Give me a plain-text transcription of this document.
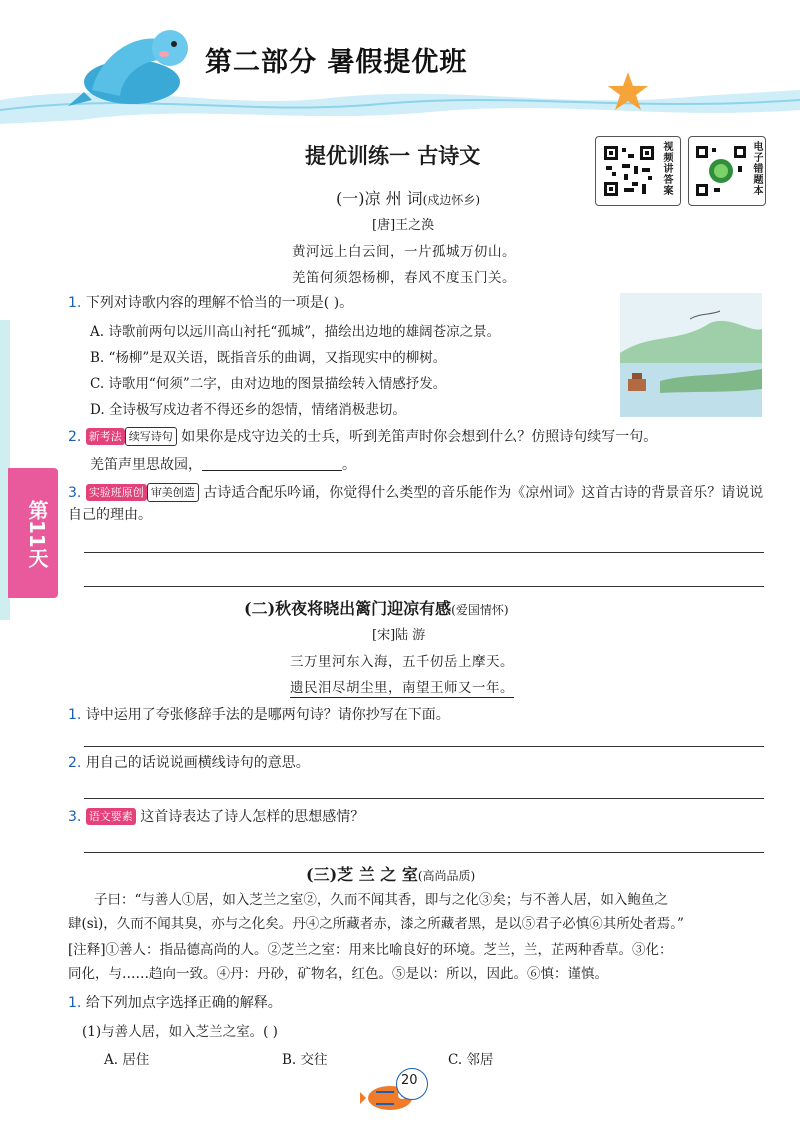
第二部分 暑假提优班
提优训练一 古诗文	视频讲答案	电子错题本
第11天
(一)凉 州 词(戍边怀乡)
[唐]王之涣
黄河远上白云间，一片孤城万仞山。
羌笛何须怨杨柳，春风不度玉门关。
1. 下列对诗歌内容的理解不恰当的一项是( )。
A. 诗歌前两句以远川高山衬托“孤城”，描绘出边地的雄阔苍凉之景。
B. “杨柳”是双关语，既指音乐的曲调，又指现实中的柳树。
C. 诗歌用“何须”二字，由对边地的图景描绘转入情感抒发。
D. 全诗极写戍边者不得还乡的怨情，情绪消极悲切。
2. 新考法 续写诗句 如果你是戍守边关的士兵，听到羌笛声时你会想到什么？仿照诗句续写一句。
羌笛声里思故园，	。
3. 实验班原创 审美创造 古诗适合配乐吟诵，你觉得什么类型的音乐能作为《凉州词》这首古诗的背景音乐？请说说自己的理由。
(二)秋夜将晓出篱门迎凉有感(爱国情怀)
[宋]陆 游
三万里河东入海，五千仞岳上摩天。
遗民泪尽胡尘里，南望王师又一年。
1. 诗中运用了夸张修辞手法的是哪两句诗？请你抄写在下面。
2. 用自己的话说说画横线诗句的意思。
3. 语文要素 这首诗表达了诗人怎样的思想感情？
(三)芝 兰 之 室(高尚品质)
子曰：“与善人①居，如入芝兰之室②，久而不闻其香，即与之化③矣；与不善人居，如入鲍鱼之
肆(sì)，久而不闻其臭，亦与之化矣。丹④之所藏者赤，漆之所藏者黑，是以⑤君子必慎⑥其所处者焉。”
[注释]①善人：指品德高尚的人。②芝兰之室：用来比喻良好的环境。芝兰，兰，芷两种香草。③化：
同化，与……趋向一致。④丹：丹砂，矿物名，红色。⑤是以：所以，因此。⑥慎：谨慎。
1. 给下列加点字选择正确的解释。
(1)与善人居，如入芝兰之室。( )
A. 居住	B. 交往	C. 邻居
20
